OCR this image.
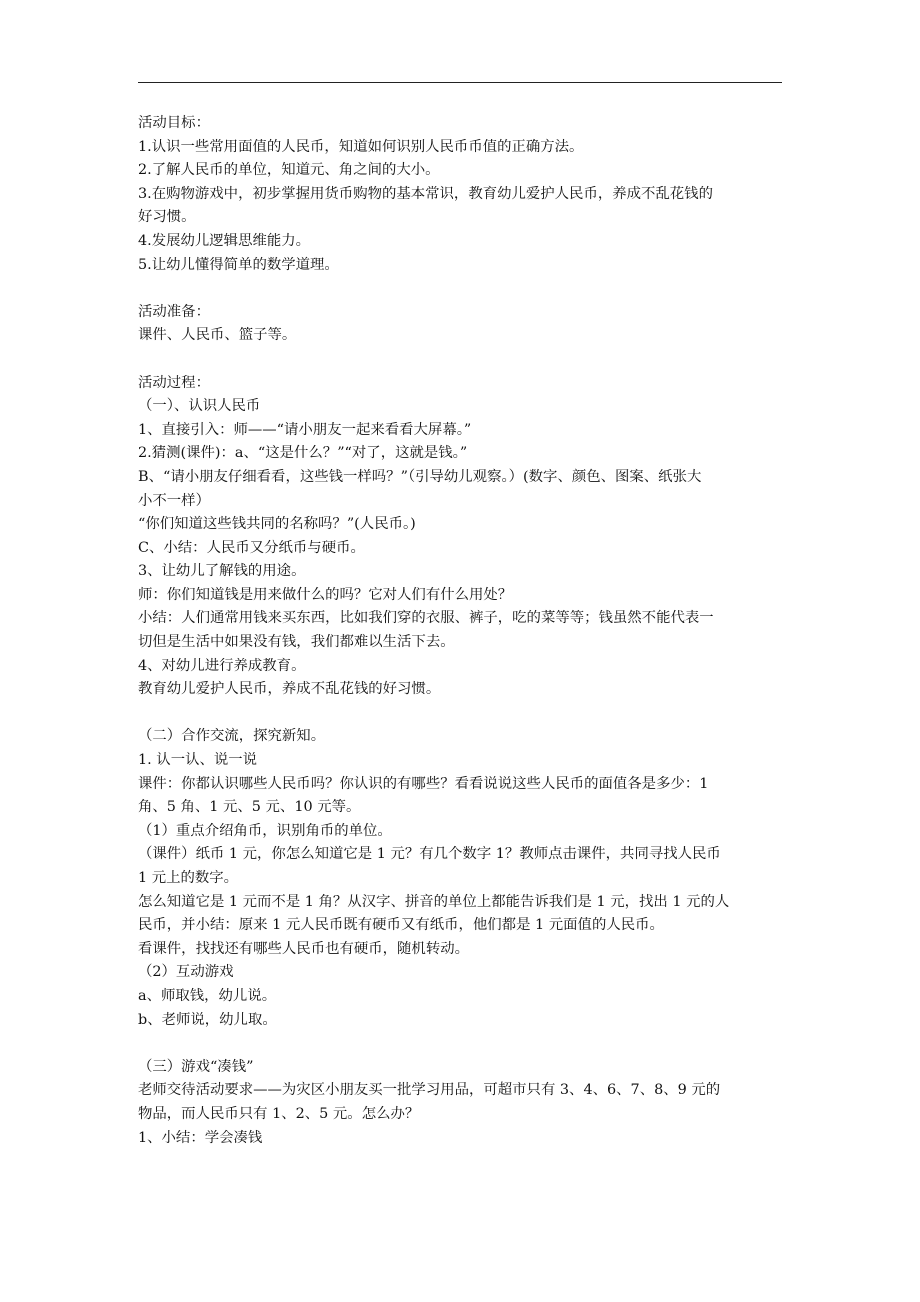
活动目标：
1.认识一些常用面值的人民币，知道如何识别人民币币值的正确方法。
2.了解人民币的单位，知道元、角之间的大小。
3.在购物游戏中，初步掌握用货币购物的基本常识，教育幼儿爱护人民币，养成不乱花钱的
好习惯。
4.发展幼儿逻辑思维能力。
5.让幼儿懂得简单的数学道理。
活动准备：
课件、人民币、篮子等。
活动过程：
（一）、认识人民币
1、直接引入：师——“请小朋友一起来看看大屏幕。”
2.猜测(课件)：a、“这是什么？”“对了，这就是钱。”
B、“请小朋友仔细看看，这些钱一样吗？”（引导幼儿观察。）(数字、颜色、图案、纸张大
小不一样）
“你们知道这些钱共同的名称吗？”(人民币。)
C、小结：人民币又分纸币与硬币。
3、让幼儿了解钱的用途。
师：你们知道钱是用来做什么的吗？它对人们有什么用处？
小结：人们通常用钱来买东西，比如我们穿的衣服、裤子，吃的菜等等；钱虽然不能代表一
切但是生活中如果没有钱，我们都难以生活下去。
4、对幼儿进行养成教育。
教育幼儿爱护人民币，养成不乱花钱的好习惯。
（二）合作交流，探究新知。
1. 认一认、说一说
课件：你都认识哪些人民币吗？你认识的有哪些？看看说说这些人民币的面值各是多少：1
角、5 角、1 元、5 元、10 元等。
（1）重点介绍角币，识别角币的单位。
（课件）纸币 1 元，你怎么知道它是 1 元？有几个数字 1？教师点击课件，共同寻找人民币
1 元上的数字。
怎么知道它是 1 元而不是 1 角？从汉字、拼音的单位上都能告诉我们是 1 元，找出 1 元的人
民币，并小结：原来 1 元人民币既有硬币又有纸币，他们都是 1 元面值的人民币。
看课件，找找还有哪些人民币也有硬币，随机转动。
（2）互动游戏
a、师取钱，幼儿说。
b、老师说，幼儿取。
（三）游戏“凑钱”
老师交待活动要求——为灾区小朋友买一批学习用品，可超市只有 3、4、6、7、8、9 元的
物品，而人民币只有 1、2、5 元。怎么办？
1、小结：学会凑钱
